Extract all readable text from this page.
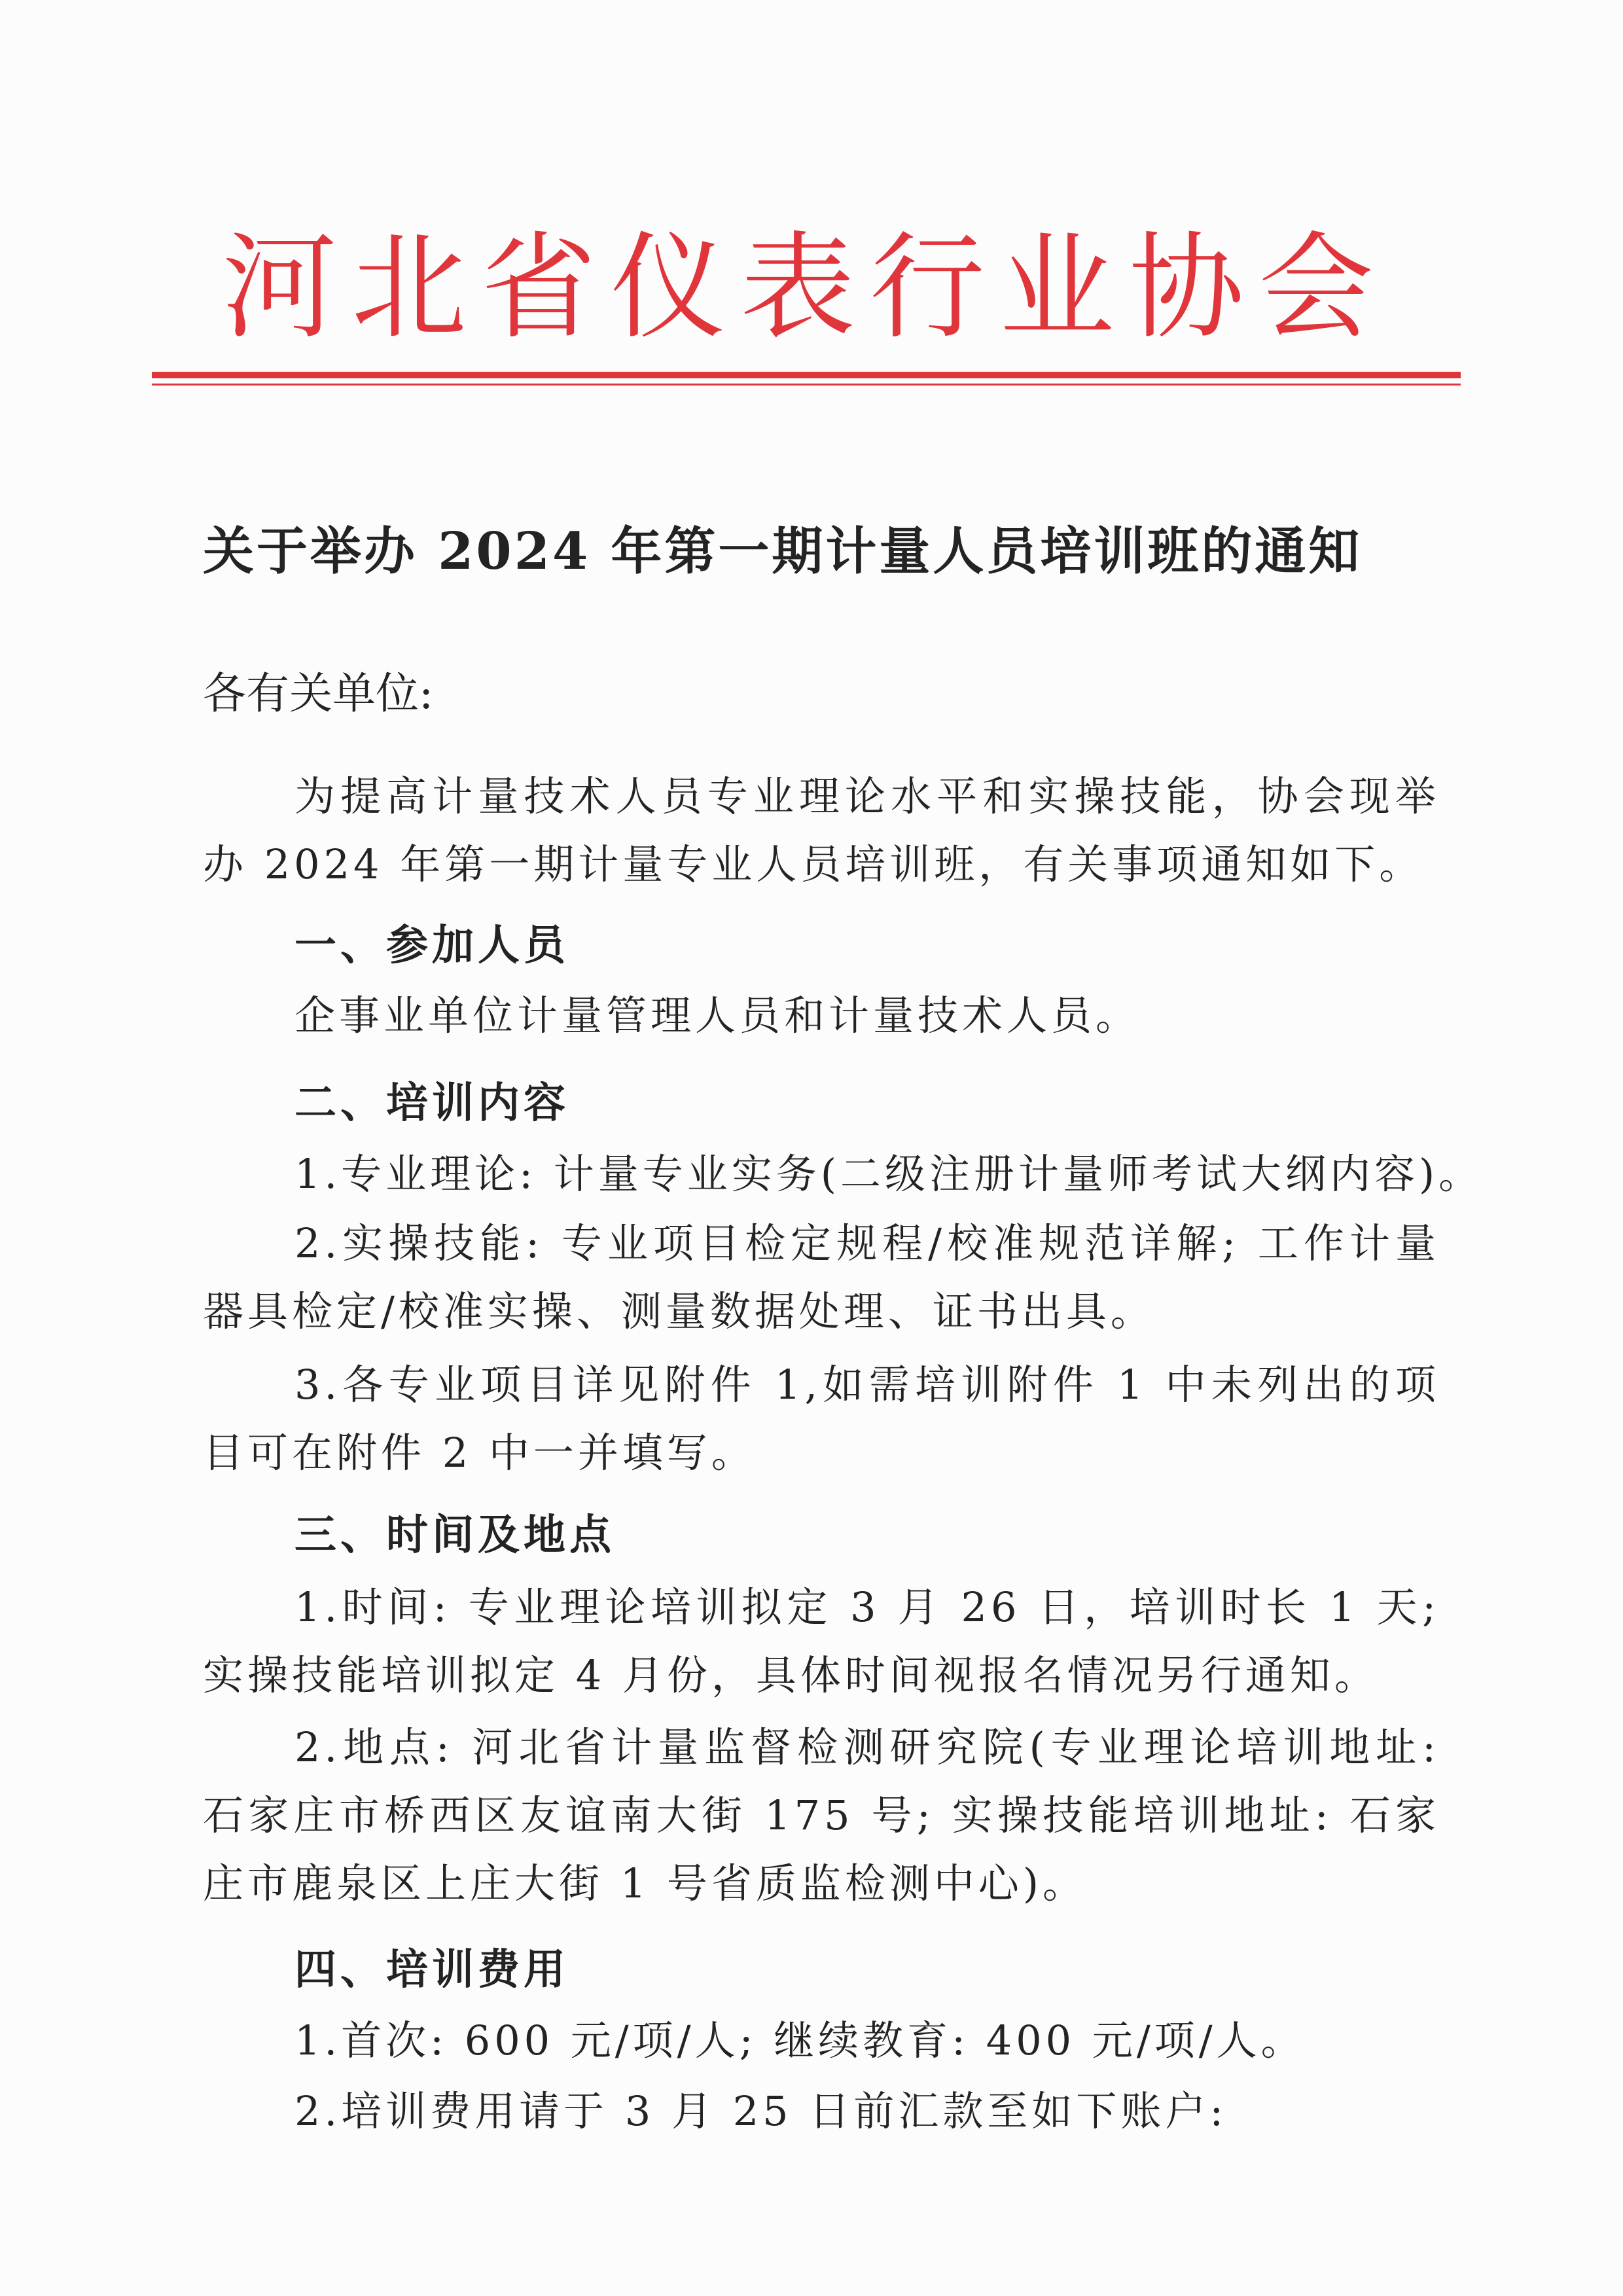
河北省仪表行业协会
关于举办 2024 年第一期计量人员培训班的通知
各有关单位:

为提高计量技术人员专业理论水平和实操技能，协会现举办 2024 年第一期计量专业人员培训班，有关事项通知如下。

一、参加人员
企事业单位计量管理人员和计量技术人员。
二、培训内容
1.专业理论: 计量专业实务(二级注册计量师考试大纲内容)。

2.实操技能: 专业项目检定规程/校准规范详解; 工作计量器具检定/校准实操、测量数据处理、证书出具。

3.各专业项目详见附件 1,如需培训附件 1 中未列出的项目可在附件 2 中一并填写。

三、时间及地点

1.时间: 专业理论培训拟定 3 月 26 日，培训时长 1 天; 实操技能培训拟定 4 月份，具体时间视报名情况另行通知。

2.地点: 河北省计量监督检测研究院(专业理论培训地址: 石家庄市桥西区友谊南大街 175 号; 实操技能培训地址: 石家庄市鹿泉区上庄大街 1 号省质监检测中心)。

四、培训费用
1.首次: 600 元/项/人; 继续教育: 400 元/项/人。
2.培训费用请于 3 月 25 日前汇款至如下账户:
